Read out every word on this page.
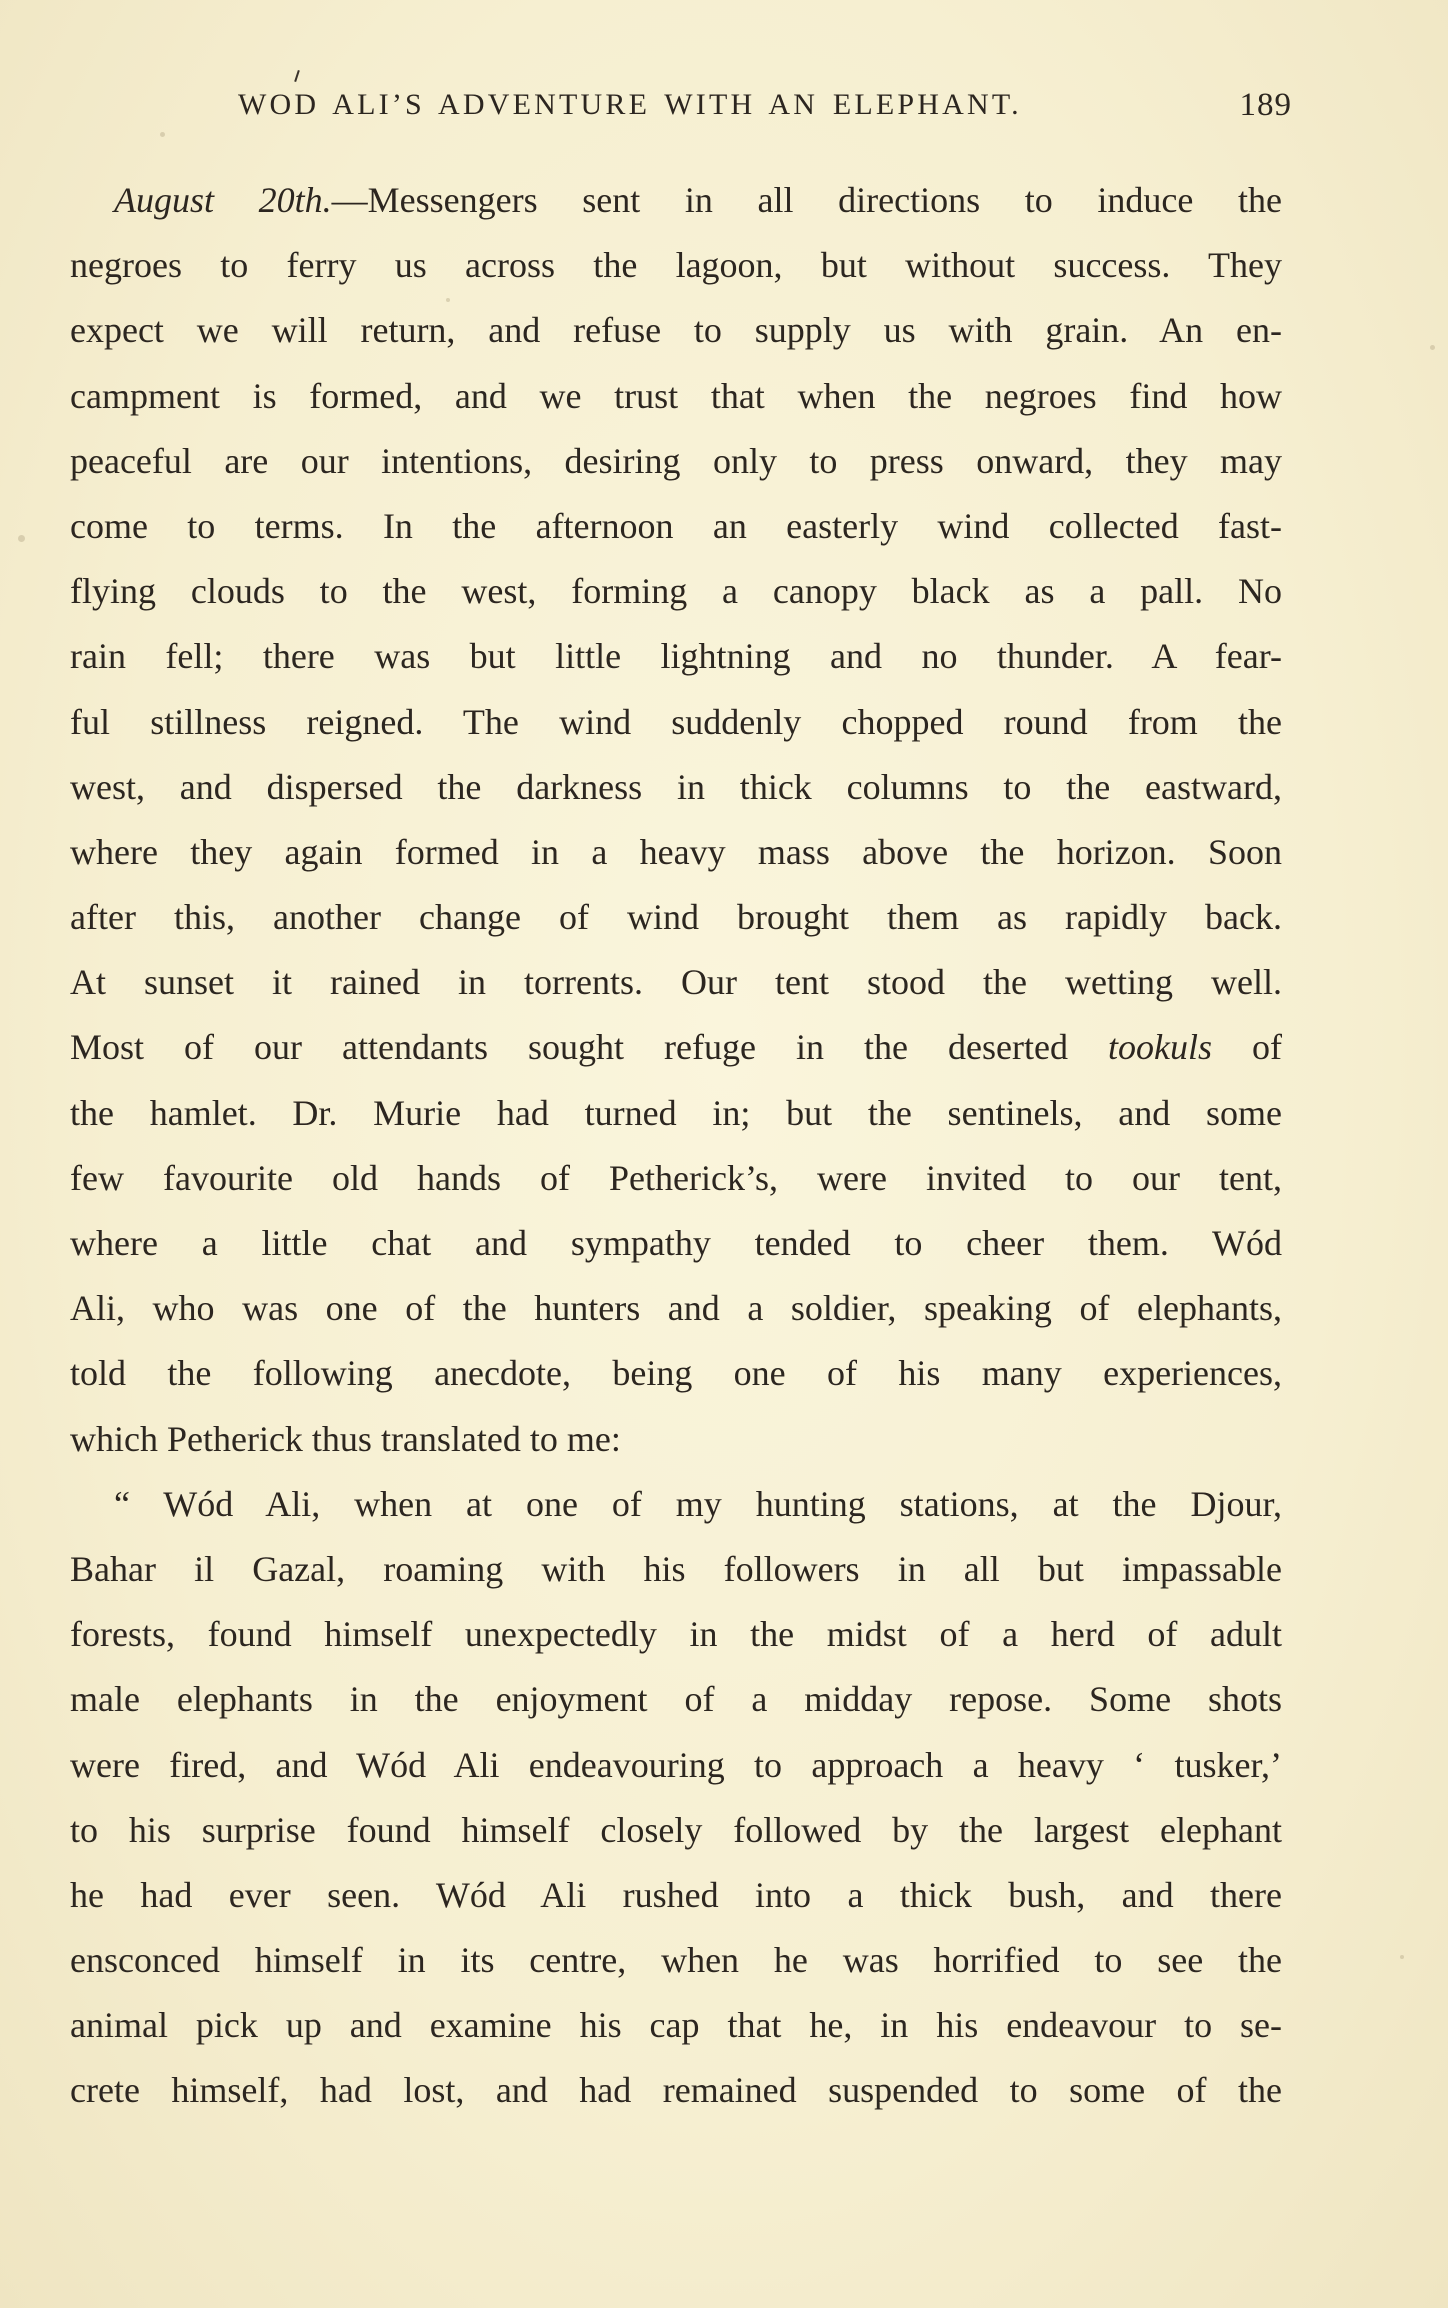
WOD ALI’S ADVENTURE WITH AN ELEPHANT.	189
August 20th.—Messengers sent in all directions to induce the
negroes to ferry us across the lagoon, but without success. They
expect we will return, and refuse to supply us with grain. An en-
campment is formed, and we trust that when the negroes find how
peaceful are our intentions, desiring only to press onward, they may
come to terms. In the afternoon an easterly wind collected fast-
flying clouds to the west, forming a canopy black as a pall. No
rain fell; there was but little lightning and no thunder. A fear-
ful stillness reigned. The wind suddenly chopped round from the
west, and dispersed the darkness in thick columns to the eastward,
where they again formed in a heavy mass above the horizon. Soon
after this, another change of wind brought them as rapidly back.
At sunset it rained in torrents. Our tent stood the wetting well.
Most of our attendants sought refuge in the deserted tookuls of
the hamlet. Dr. Murie had turned in; but the sentinels, and some
few favourite old hands of Petherick’s, were invited to our tent,
where a little chat and sympathy tended to cheer them. Wód
Ali, who was one of the hunters and a soldier, speaking of elephants,
told the following anecdote, being one of his many experiences,
which Petherick thus translated to me:
“ Wód Ali, when at one of my hunting stations, at the Djour,
Bahar il Gazal, roaming with his followers in all but impassable
forests, found himself unexpectedly in the midst of a herd of adult
male elephants in the enjoyment of a midday repose. Some shots
were fired, and Wód Ali endeavouring to approach a heavy ‘ tusker,’
to his surprise found himself closely followed by the largest elephant
he had ever seen. Wód Ali rushed into a thick bush, and there
ensconced himself in its centre, when he was horrified to see the
animal pick up and examine his cap that he, in his endeavour to se-
crete himself, had lost, and had remained suspended to some of the
